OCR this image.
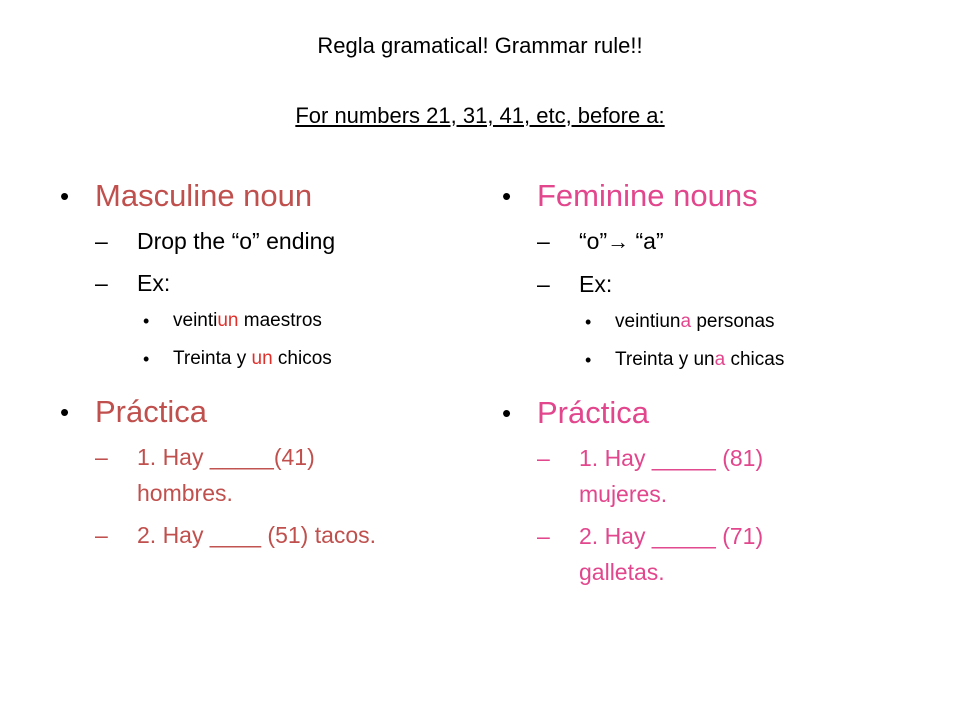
Regla gramatical! Grammar rule!!
For numbers 21, 31, 41, etc, before a:
• Masculine noun
– Drop the “o” ending
– Ex:
• veintiun maestros
• Treinta y un chicos
• Práctica
– 1. Hay _____(41) hombres.
– 2. Hay ____ (51) tacos.
• Feminine nouns
– “o”→ “a”
– Ex:
• veintiuna personas
• Treinta y una chicas
• Práctica
– 1. Hay _____ (81) mujeres.
– 2. Hay _____ (71) galletas.
